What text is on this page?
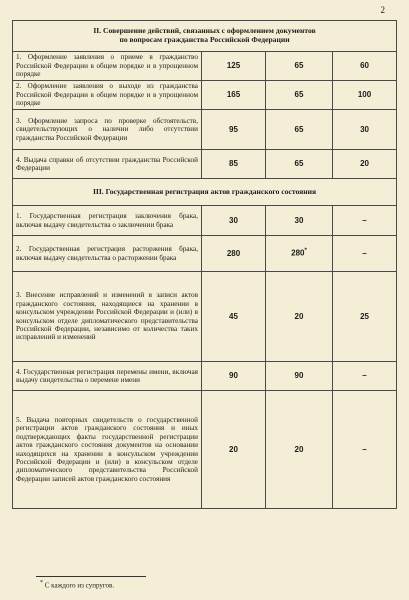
2
II. Совершение действий, связанных с оформлением документов
по вопросам гражданства Российской Федерации			
1. Оформление заявления о приеме в гражданство Российской Федерации в общем порядке и в упрощенном порядке	125	65	60
2. Оформление заявления о выходе из гражданства Российской Федерации в общем порядке и в упрощенном порядке	165	65	100
3. Оформление запроса по проверке обстоятельств, свидетельствующих о наличии либо отсутствии гражданства Российской Федерации	95	65	30
4. Выдача справки об отсутствии гражданства Российской Федерации	85	65	20
III. Государственная регистрация актов гражданского состояния			
1. Государственная регистрация заключения брака, включая выдачу свидетельства о заключении брака	30	30	–
2. Государственная регистрация расторжения брака, включая выдачу свидетельства о расторжении брака	280	280*	–
3. Внесение исправлений и изменений в записи актов гражданского состояния, находящиеся на хранении в консульском учреждении Российской Федерации и (или) в консульском отделе дипломатического представительства Российской Федерации, независимо от количества таких исправлений и изменений	45	20	25
4. Государственная регистрация перемены имени, включая выдачу свидетельства о перемене имени	90	90	–
5. Выдача повторных свидетельств о государственной регистрации актов гражданского состояния и иных подтверждающих факты государственной регистрации актов гражданского состояния документов на основании находящихся на хранении в консульском учреждении Российской Федерации и (или) в консульском отделе дипломатического представительства Российской Федерации записей актов гражданского состояния	20	20	–
* С каждого из супругов.
